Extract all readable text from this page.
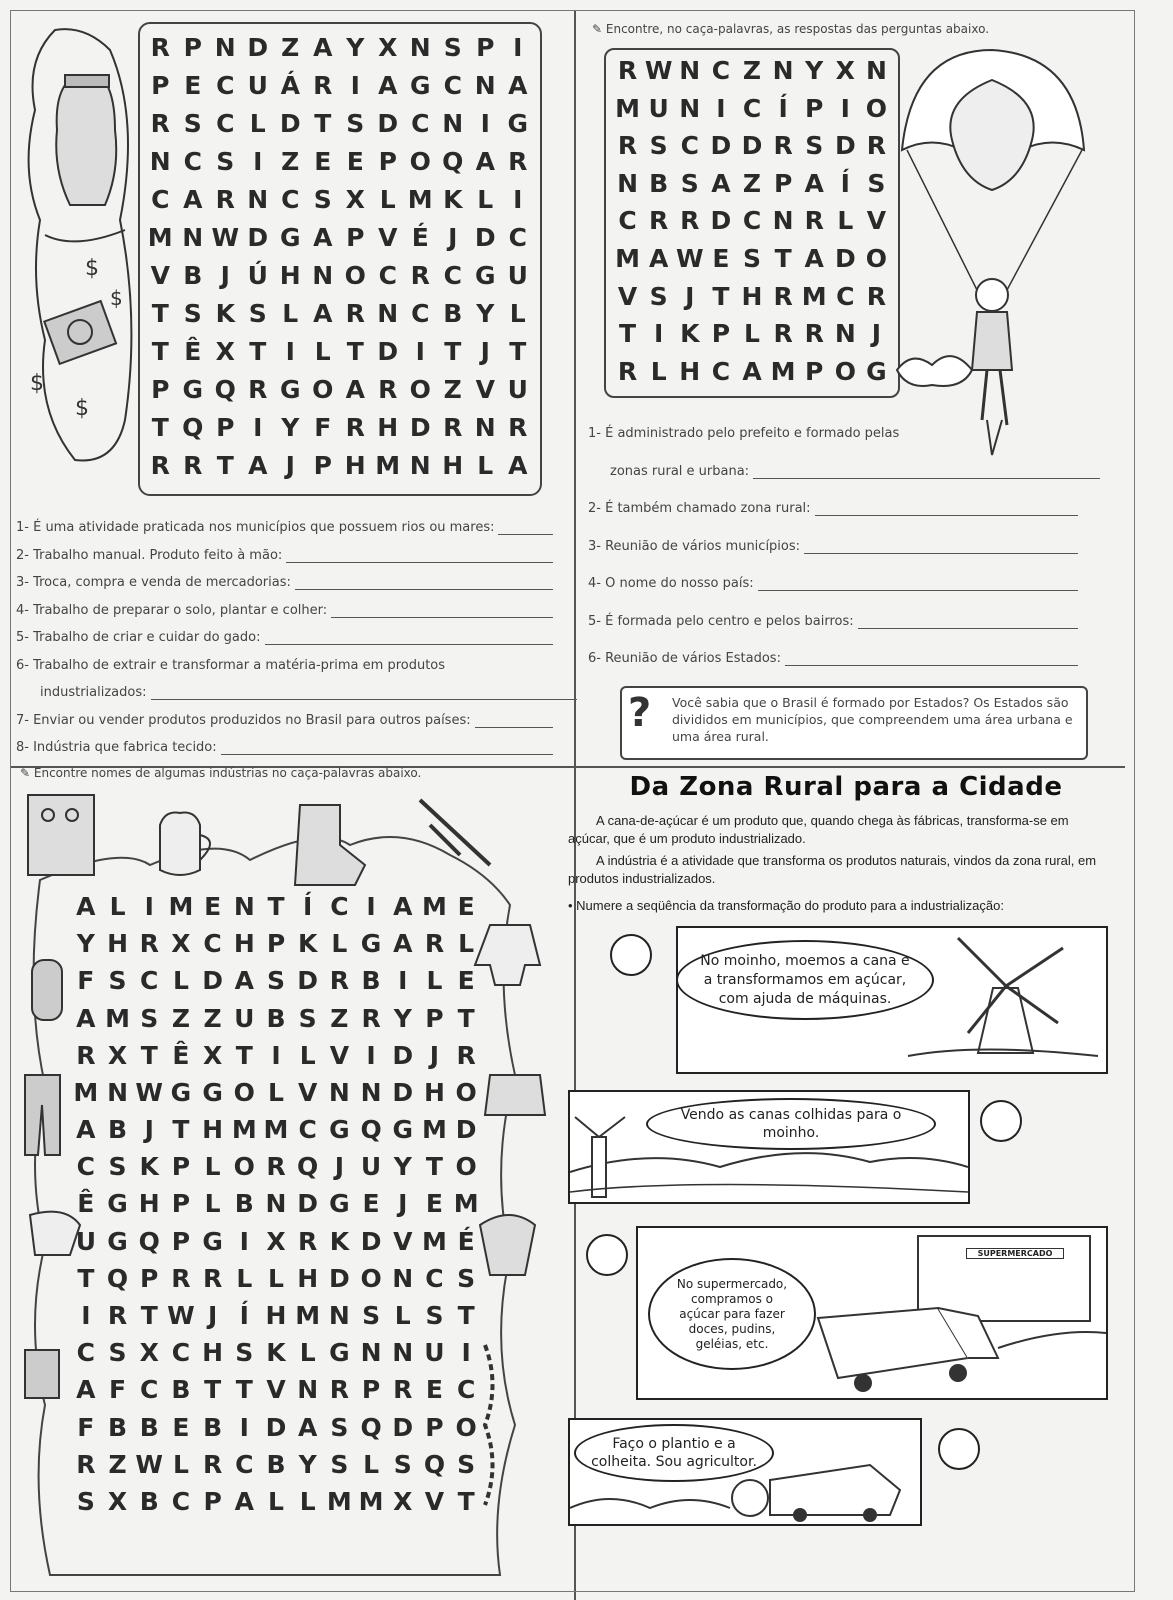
$
$
$
$
R P N D Z A Y X N S P I
P E C U Á R I A G C N A
R S C L D T S D C N I G
N C S I Z E E P O Q A R
C A R N C S X L M K L I
M N W D G A P V É J D C
V B J Ú H N O C R C G U
T S K S L A R N C B Y L
T Ê X T I L T D I T J T
P G Q R G O A R O Z V U
T Q P I Y F R H D R N R
R R T A J P H M N H L A
1- É uma atividade praticada nos municípios que possuem rios ou mares:
2- Trabalho manual. Produto feito à mão:
3- Troca, compra e venda de mercadorias:
4- Trabalho de preparar o solo, plantar e colher:
5- Trabalho de criar e cuidar do gado:
6- Trabalho de extrair e transformar a matéria-prima em produtos
industrializados:
7- Enviar ou vender produtos produzidos no Brasil para outros países:
8- Indústria que fabrica tecido:
✎ Encontre, no caça-palavras, as respostas das perguntas abaixo.
R W N C Z N Y X N
M U N I C Í P I O
R S C D D R S D R
N B S A Z P A Í S
C R R D C N R L V
M A W E S T A D O
V S J T H R M C R
T I K P L R R N J
R L H C A M P O G
1- É administrado pelo prefeito e formado pelas
zonas rural e urbana:
2- É também chamado zona rural:
3- Reunião de vários municípios:
4- O nome do nosso país:
5- É formada pelo centro e pelos bairros:
6- Reunião de vários Estados:
? Você sabia que o Brasil é formado por Estados? Os Estados são divididos em municípios, que compreendem uma área urbana e uma área rural.
✎ Encontre nomes de algumas indústrias no caça-palavras abaixo.
A L I M E N T Í C I A M E
Y H R X C H P K L G A R L
F S C L D A S D R B I L E
A M S Z Z U B S Z R Y P T
R X T Ê X T I L V I D J R
M N W G G O L V N N D H O
A B J T H M M C G Q G M D
C S K P L O R Q J U Y T O
Ê G H P L B N D G E J E M
U G Q P G I X R K D V M É
T Q P R R L L H D O N C S
I R T W J Í H M N S L S T
C S X C H S K L G N N U I
A F C B T T V N R P R E C
F B B E B I D A S Q D P O
R Z W L R C B Y S L S Q S
S X B C P A L L M M X V T
Da Zona Rural para a Cidade
A cana-de-açúcar é um produto que, quando chega às fábricas, transforma-se em açúcar, que é um produto industrializado.
A indústria é a atividade que transforma os produtos naturais, vindos da zona rural, em produtos industrializados.
• Numere a seqüência da transformação do produto para a industrialização:
No moinho, moemos a cana e a transformamos em açúcar, com ajuda de máquinas.
Vendo as canas colhidas para o moinho.
SUPERMERCADO
No supermercado, compramos o açúcar para fazer doces, pudins, geléias, etc.
Faço o plantio e a colheita. Sou agricultor.
